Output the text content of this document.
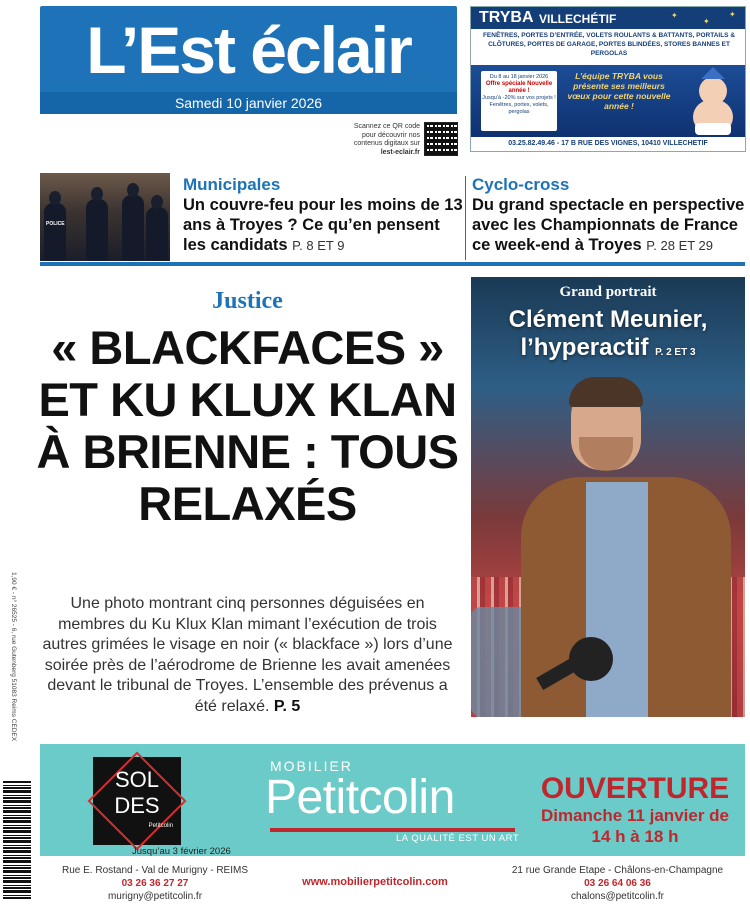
L’Est éclair
Samedi 10 janvier 2026
Scannez ce QR code pour découvrir nos contenus digitaux sur lest-eclair.fr
TRYBA VILLECHÉTIF	✦
✦
✦
FENÊTRES, PORTES D’ENTRÉE, VOLETS ROULANTS & BATTANTS, PORTAILS & CLÔTURES, PORTES DE GARAGE, PORTES BLINDÉES, STORES BANNES ET PERGOLAS
Du 8 au 18 janvier 2026
Offre spéciale Nouvelle année !
Jusqu’à -20% sur vos projets ! Fenêtres, portes, volets, pergolas
L’équipe TRYBA vous présente ses meilleurs vœux pour cette nouvelle année !
03.25.82.49.46 - 17 B RUE DES VIGNES, 10410 VILLECHETIF
POLICE
Municipales
Un couvre-feu pour les moins de 13 ans à Troyes ? Ce qu’en pensent les candidats P. 8 ET 9
Cyclo-cross
Du grand spectacle en perspective avec les Championnats de France ce week-end à Troyes P. 28 ET 29
Justice
« BLACKFACES » ET KU KLUX KLAN À BRIENNE : TOUS RELAXÉS
Une photo montrant cinq personnes déguisées en membres du Ku Klux Klan mimant l’exécution de trois autres grimées le visage en noir (« blackface ») lors d’une soirée près de l’aérodrome de Brienne les avait amenées devant le tribunal de Troyes. L’ensemble des prévenus a été relaxé. P. 5
1,90 € - n° 26525 - 6, rue Gutenberg 51083 Reims CEDEX
Grand portrait
Clément Meunier, l’hyperactif P. 2 ET 3
SOL
DES
Petitcolin
Jusqu’au 3 février 2026
MOBILIER
Petitcolin
LA QUALITÉ EST UN ART
OUVERTURE
Dimanche 11 janvier de 14 h à 18 h
Rue E. Rostand - Val de Murigny - REIMS
03 26 36 27 27
murigny@petitcolin.fr
www.mobilierpetitcolin.com
21 rue Grande Etape - Châlons-en-Champagne
03 26 64 06 36
chalons@petitcolin.fr
